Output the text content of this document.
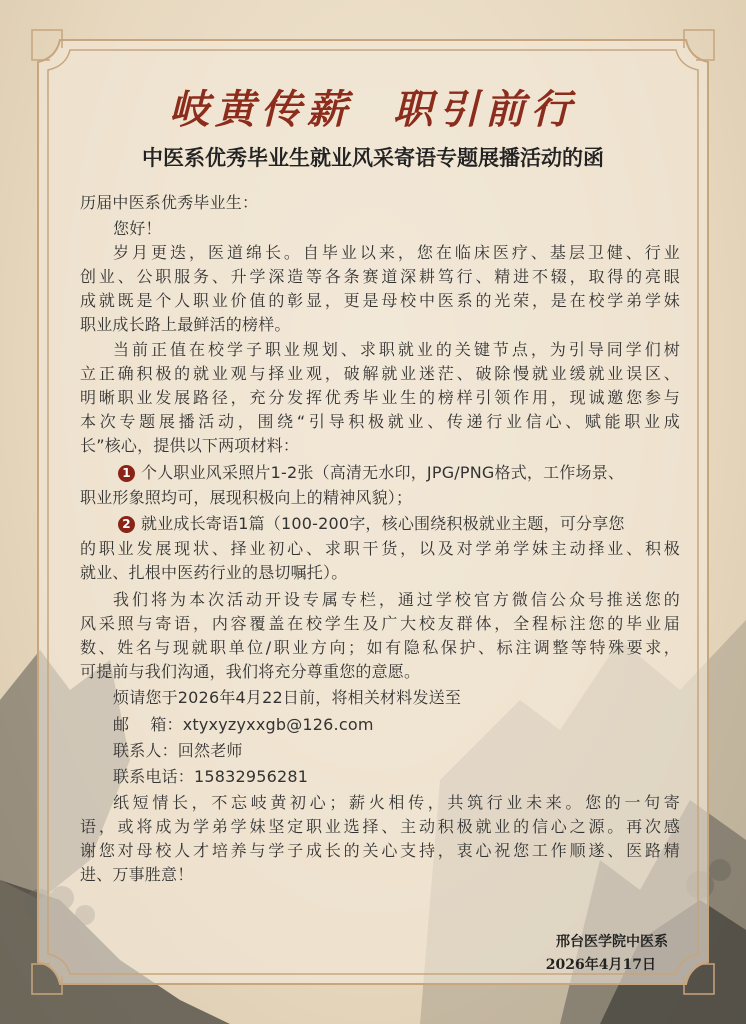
岐黄传薪  职引前行
中医系优秀毕业生就业风采寄语专题展播活动的函
历届中医系优秀毕业生：
您好！
岁月更迭，医道绵长。自毕业以来，您在临床医疗、基层卫健、行业
创业、公职服务、升学深造等各条赛道深耕笃行、精进不辍，取得的亮眼
成就既是个人职业价值的彰显，更是母校中医系的光荣，是在校学弟学妹
职业成长路上最鲜活的榜样。
当前正值在校学子职业规划、求职就业的关键节点，为引导同学们树
立正确积极的就业观与择业观，破解就业迷茫、破除慢就业缓就业误区、
明晰职业发展路径，充分发挥优秀毕业生的榜样引领作用，现诚邀您参与
本次专题展播活动，围绕“引导积极就业、传递行业信心、赋能职业成
长”核心，提供以下两项材料：
1 个人职业风采照片1-2张（高清无水印，JPG/PNG格式，工作场景、
职业形象照均可，展现积极向上的精神风貌）；
2 就业成长寄语1篇（100-200字，核心围绕积极就业主题，可分享您
的职业发展现状、择业初心、求职干货，以及对学弟学妹主动择业、积极
就业、扎根中医药行业的恳切嘱托）。
我们将为本次活动开设专属专栏，通过学校官方微信公众号推送您的
风采照与寄语，内容覆盖在校学生及广大校友群体，全程标注您的毕业届
数、姓名与现就职单位/职业方向；如有隐私保护、标注调整等特殊要求，
可提前与我们沟通，我们将充分尊重您的意愿。
烦请您于2026年4月22日前，将相关材料发送至
邮    箱：xtyxyzyxxgb@126.com
联系人：回然老师
联系电话：15832956281
纸短情长，不忘岐黄初心；薪火相传，共筑行业未来。您的一句寄
语，或将成为学弟学妹坚定职业选择、主动积极就业的信心之源。再次感
谢您对母校人才培养与学子成长的关心支持，衷心祝您工作顺遂、医路精
进、万事胜意！
邢台医学院中医系
2026年4月17日
